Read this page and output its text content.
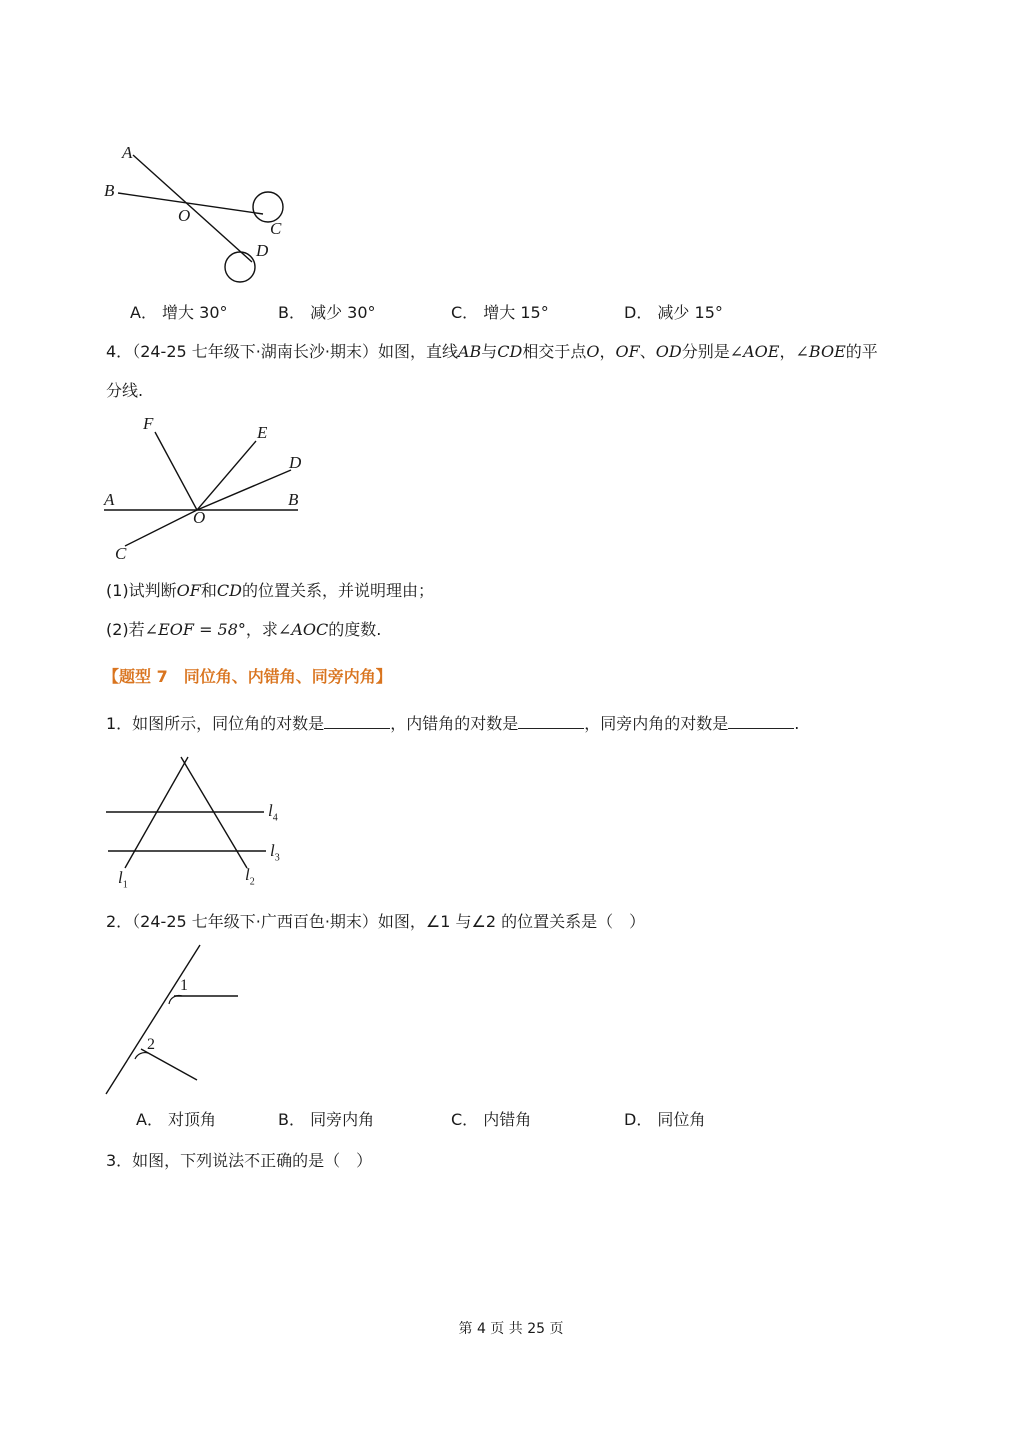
A
B
O
C
D
A． 增大 30°	B． 减少 30°	C． 增大 15°	D． 减少 15°
4．（24-25 七年级下·湖南长沙·期末）如图，直线AB与CD相交于点O，OF、OD分别是∠AOE，∠BOE的平
分线.
F	E
D
A
O
B
C
(1)试判断OF和CD的位置关系，并说明理由；
(2)若∠EOF = 58°，求∠AOC的度数.
【题型 7　同位角、内错角、同旁内角】
1．如图所示，同位角的对数是	，内错角的对数是	，同旁内角的对数是	.
$l_4$
$l_3$
$l_1$
$l_2$
2．（24-25 七年级下·广西百色·期末）如图，∠1 与∠2 的位置关系是（　）
1
2
A． 对顶角	B． 同旁内角	C． 内错角	D． 同位角
3．如图，下列说法不正确的是（　）
第 4 页 共 25 页
